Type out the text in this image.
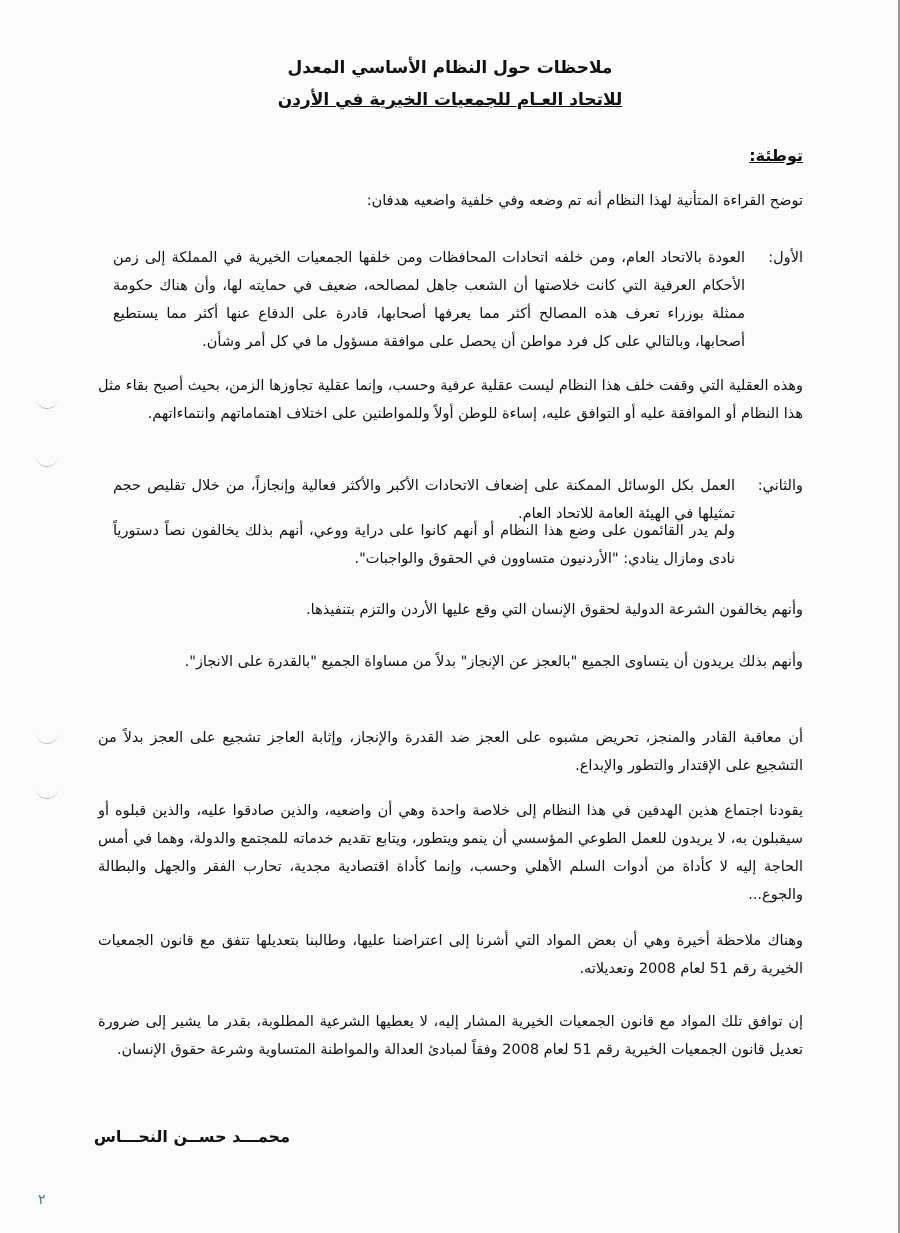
ملاحظات حول النظام الأساسي المعدل
للاتحاد العـام للجمعيات الخيرية في الأردن
توطئة:
توضح القراءة المتأنية لهذا النظام أنه تم وضعه وفي خلفية واضعيه هدفان:
الأول:
العودة بالاتحاد العام، ومن خلفه اتحادات المحافظات ومن خلفها الجمعيات الخيرية في المملكة إلى زمن الأحكام العرفية التي كانت خلاصتها أن الشعب جاهل لمصالحه، ضعيف في حمايته لها، وأن هناك حكومة ممثلة بوزراء تعرف هذه المصالح أكثر مما يعرفها أصحابها، قادرة على الدفاع عنها أكثر مما يستطيع أصحابها، وبالتالي على كل فرد مواطن أن يحصل على موافقة مسؤول ما في كل أمر وشأن.
وهذه العقلية التي وقفت خلف هذا النظام ليست عقلية عرفية وحسب، وإنما عقلية تجاوزها الزمن، بحيث أصبح بقاء مثل هذا النظام أو الموافقة عليه أو التوافق عليه، إساءة للوطن أولاً وللمواطنين على اختلاف اهتماماتهم وانتماءاتهم.
والثاني:
العمل بكل الوسائل الممكنة على إضعاف الاتحادات الأكبر والأكثر فعالية وإنجازاً، من خلال تقليص حجم تمثيلها في الهيئة العامة للاتحاد العام.
ولم يدر القائمون على وضع هذا النظام أو أنهم كانوا على دراية ووعي، أنهم بذلك يخالفون نصاً دستورياً نادى ومازال ينادي: "الأردنيون متساوون في الحقوق والواجبات".
وأنهم يخالفون الشرعة الدولية لحقوق الإنسان التي وقع عليها الأردن والتزم بتنفيذها.
وأنهم بذلك يريدون أن يتساوى الجميع "بالعجز عن الإنجاز" بدلاً من مساواة الجميع "بالقدرة على الانجاز".
أن معاقبة القادر والمنجز، تحريض مشبوه على العجز ضد القدرة والإنجاز، وإثابة العاجز تشجيع على العجز بدلاً من التشجيع على الإقتدار والتطور والإبداع.
يقودنا اجتماع هذين الهدفين في هذا النظام إلى خلاصة واحدة وهي أن واضعيه، والذين صادقوا عليه، والذين قبلوه أو سيقبلون به، لا يريدون للعمل الطوعي المؤسسي أن ينمو ويتطور، ويتابع تقديم خدماته للمجتمع والدولة، وهما في أمس الحاجة إليه لا كأداة من أدوات السلم الأهلي وحسب، وإنما كأداة اقتصادية مجدية، تحارب الفقر والجهل والبطالة والجوع...
وهناك ملاحظة أخيرة وهي أن بعض المواد التي أشرنا إلى اعتراضنا عليها، وطالبنا بتعديلها تتفق مع قانون الجمعيات الخيرية رقم 51 لعام 2008 وتعديلاته.
إن توافق تلك المواد مع قانون الجمعيات الخيرية المشار إليه، لا يعطيها الشرعية المطلوبة، بقدر ما يشير إلى ضرورة تعديل قانون الجمعيات الخيرية رقم 51 لعام 2008 وفقاً لمبادئ العدالة والمواطنة المتساوية وشرعة حقوق الإنسان.
محمـــد حســن النحـــاس
٢
